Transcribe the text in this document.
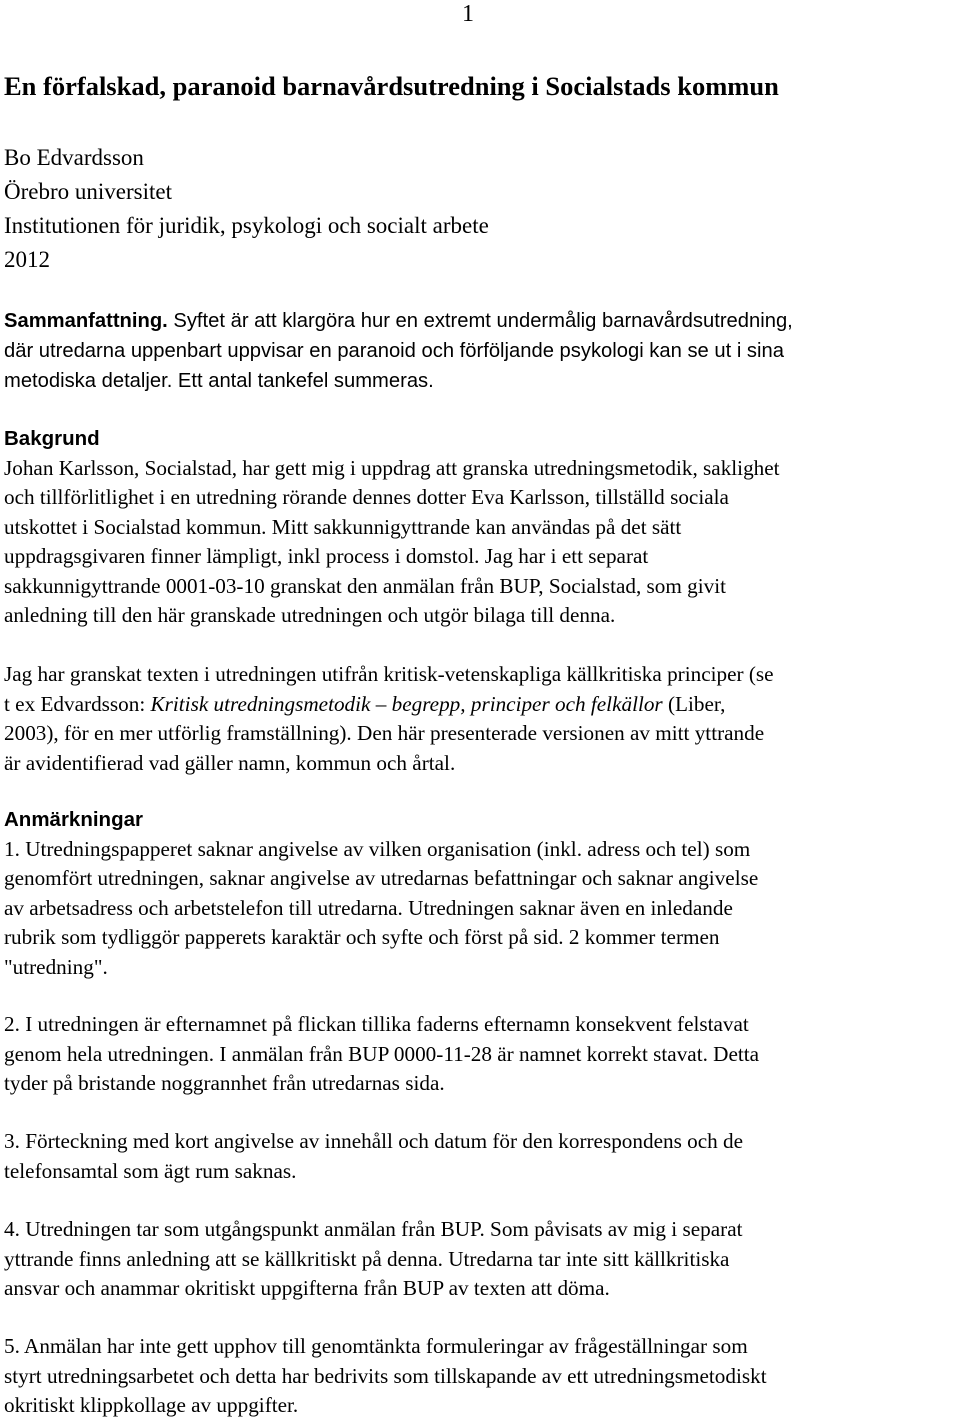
1
En förfalskad, paranoid barnavårdsutredning i Socialstads kommun
Bo Edvardsson
Örebro universitet
Institutionen för juridik, psykologi och socialt arbete
2012
Sammanfattning. Syftet är att klargöra hur en extremt undermålig barnavårdsutredning,
där utredarna uppenbart uppvisar en paranoid och förföljande psykologi kan se ut i sina
metodiska detaljer. Ett antal tankefel summeras.
Bakgrund

Johan Karlsson, Socialstad, har gett mig i uppdrag att granska utredningsmetodik, saklighet
och tillförlitlighet i en utredning rörande dennes dotter Eva Karlsson, tillställd sociala
utskottet i Socialstad kommun. Mitt sakkunnigyttrande kan användas på det sätt
uppdragsgivaren finner lämpligt, inkl process i domstol. Jag har i ett separat
sakkunnigyttrande 0001-03-10 granskat den anmälan från BUP, Socialstad, som givit
anledning till den här granskade utredningen och utgör bilaga till denna.

Jag har granskat texten i utredningen utifrån kritisk-vetenskapliga källkritiska principer (se
t ex Edvardsson: Kritisk utredningsmetodik – begrepp, principer och felkällor (Liber,
2003), för en mer utförlig framställning). Den här presenterade versionen av mitt yttrande
är avidentifierad vad gäller namn, kommun och årtal.

Anmärkningar

1. Utredningspapperet saknar angivelse av vilken organisation (inkl. adress och tel) som
genomfört utredningen, saknar angivelse av utredarnas befattningar och saknar angivelse
av arbetsadress och arbetstelefon till utredarna. Utredningen saknar även en inledande
rubrik som tydliggör papperets karaktär och syfte och först på sid. 2 kommer termen
"utredning".

2. I utredningen är efternamnet på flickan tillika faderns efternamn konsekvent felstavat
genom hela utredningen. I anmälan från BUP 0000-11-28 är namnet korrekt stavat. Detta
tyder på bristande noggrannhet från utredarnas sida.

3. Förteckning med kort angivelse av innehåll och datum för den korrespondens och de
telefonsamtal som ägt rum saknas.

4. Utredningen tar som utgångspunkt anmälan från BUP. Som påvisats av mig i separat
yttrande finns anledning att se källkritiskt på denna. Utredarna tar inte sitt källkritiska
ansvar och anammar okritiskt uppgifterna från BUP av texten att döma.

5. Anmälan har inte gett upphov till genomtänkta formuleringar av frågeställningar som
styrt utredningsarbetet och detta har bedrivits som tillskapande av ett utredningsmetodiskt
okritiskt klippkollage av uppgifter.
